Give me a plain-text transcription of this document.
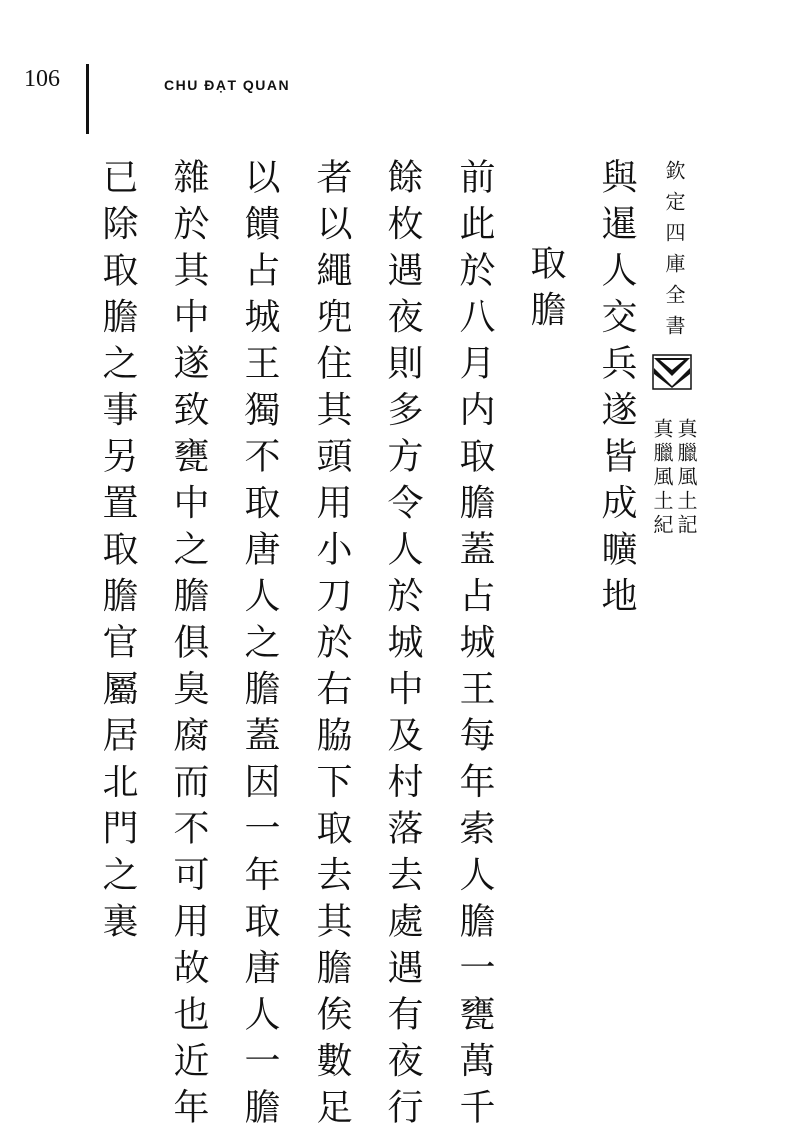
106	CHU ĐẠT QUAN
欽定四庫全書
真臘風土記
真臘風土紀
與暹人交兵遂皆成曠地
取膽
前此於八月内取膽蓋占城王每年索人膽一甕萬千
餘枚遇夜則多方令人於城中及村落去處遇有夜行
者以繩兜住其頭用小刀於右脇下取去其膽俟數足
以饋占城王獨不取唐人之膽蓋因一年取唐人一膽
雜於其中遂致甕中之膽俱臭腐而不可用故也近年
已除取膽之事另置取膽官屬居北門之裏
